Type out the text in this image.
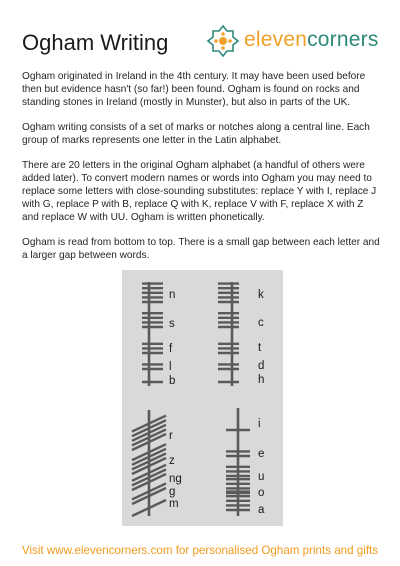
Ogham Writing	elevencorners

Ogham originated in Ireland in the 4th century. It may have been used before then but evidence hasn't (so far!) been found. Ogham is found on rocks and standing stones in Ireland (mostly in Munster), but also in parts of the UK.

Ogham writing consists of a set of marks or notches along a central line. Each group of marks represents one letter in the Latin alphabet.

There are 20 letters in the original Ogham alphabet (a handful of others were added later). To convert modern names or words into Ogham you may need to replace some letters with close-sounding substitutes: replace Y with I, replace J with G, replace P with B, replace Q with K, replace V with F, replace X with Z and replace W with UU. Ogham is written phonetically.

Ogham is read from bottom to top. There is a small gap between each letter and a larger gap between words.

n
s
f
l
b
k
c
t
d
h
r
z
ng
g
m
i
e
u
o
a
Visit www.elevencorners.com for personalised Ogham prints and gifts
